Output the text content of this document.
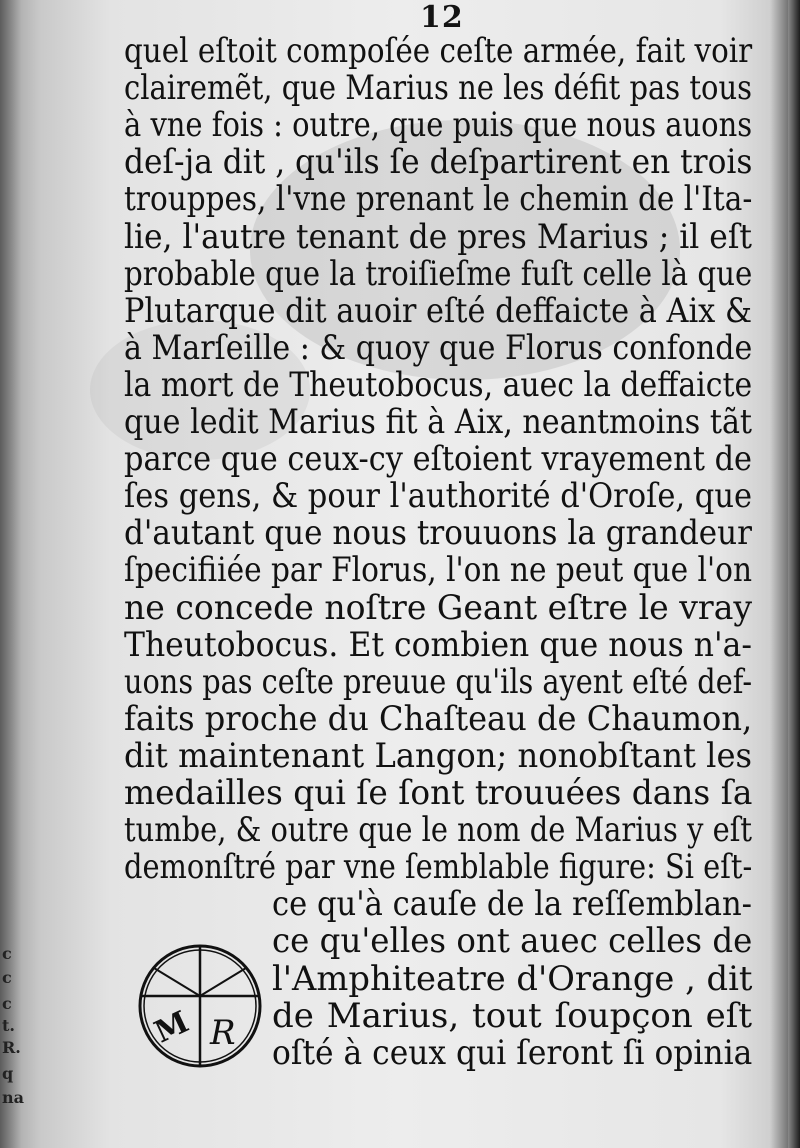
12
quel eſtoit compoſée ceſte armée, fait voir
clairemẽt, que Marius ne les défit pas tous
à vne fois : outre, que puis que nous auons
deſ-ja dit , qu'ils ſe deſpartirent en trois
trouppes, l'vne prenant le chemin de l'Ita-
lie, l'autre tenant de pres Marius ; il eſt
probable que la troiſieſme fuſt celle là que
Plutarque dit auoir eſté deffaicte à Aix &
à Marſeille : & quoy que Florus confonde
la mort de Theutobocus, auec la deffaicte
que ledit Marius fit à Aix, neantmoins tãt
parce que ceux-cy eſtoient vrayement de
ſes gens, & pour l'authorité d'Oroſe, que
d'autant que nous trouuons la grandeur
ſpecifiiée par Florus, l'on ne peut que l'on
ne concede noſtre Geant eſtre le vray
Theutobocus. Et combien que nous n'a-
uons pas ceſte preuue qu'ils ayent eſté def-
faits proche du Chaſteau de Chaumon,
dit maintenant Langon; nonobſtant les
medailles qui ſe ſont trouuées dans ſa
tumbe, & outre que le nom de Marius y eſt
demonſtré par vne ſemblable figure: Si eſt-
ce qu'à cauſe de la reſſemblan-
ce qu'elles ont auec celles de
l'Amphiteatre d'Orange , dit
de Marius, tout ſoupçon eſt
oſté à ceux qui ſeront ſi opinia
M R
c
c
c
t.
R.
q
na
